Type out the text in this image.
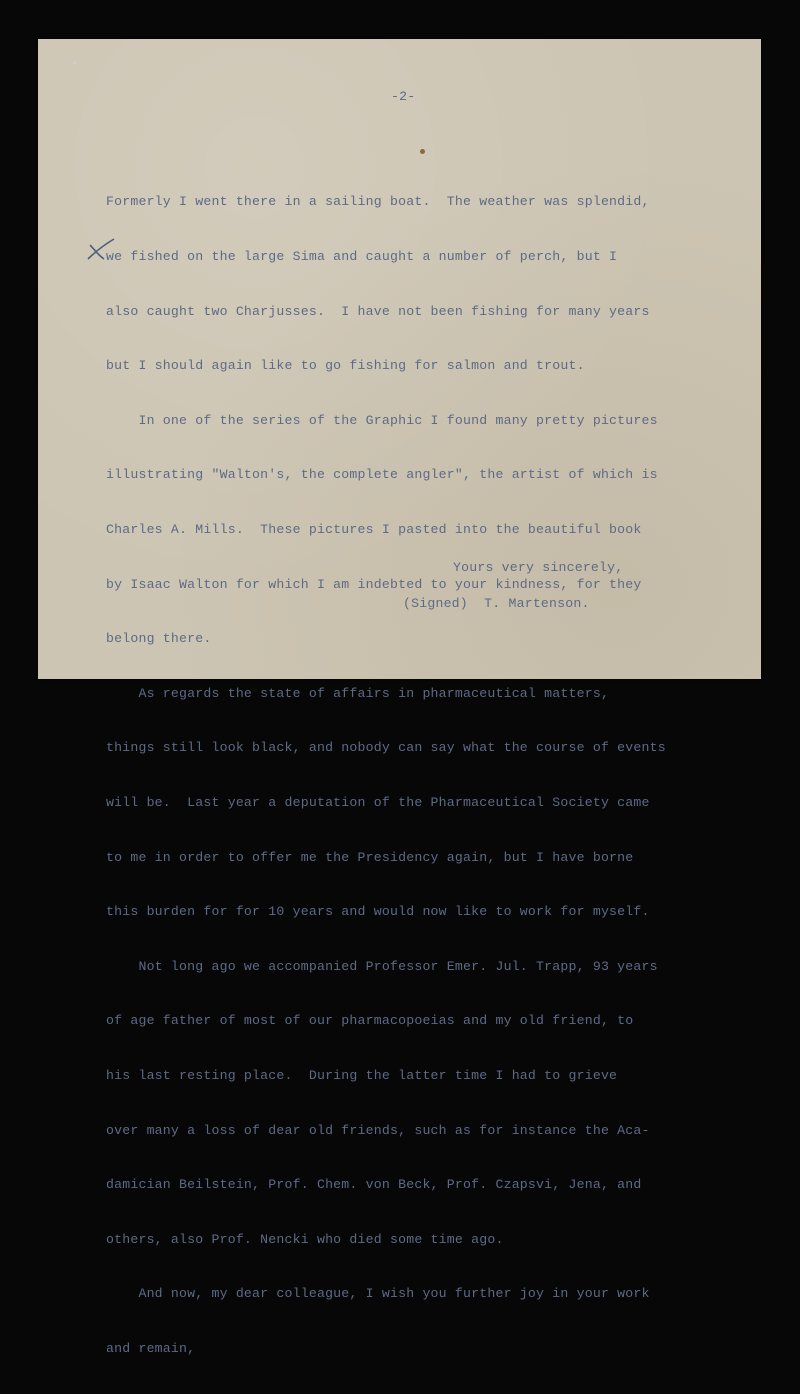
-2-

Formerly I went there in a sailing boat.  The weather was splendid,

we fished on the large Sima and caught a number of perch, but I

also caught two Charjusses.  I have not been fishing for many years

but I should again like to go fishing for salmon and trout.

In one of the series of the Graphic I found many pretty pictures

illustrating "Walton's, the complete angler", the artist of which is

Charles A. Mills.  These pictures I pasted into the beautiful book

by Isaac Walton for which I am indebted to your kindness, for they

belong there.

As regards the state of affairs in pharmaceutical matters,

things still look black, and nobody can say what the course of events

will be.  Last year a deputation of the Pharmaceutical Society came

to me in order to offer me the Presidency again, but I have borne

this burden for for 10 years and would now like to work for myself.

Not long ago we accompanied Professor Emer. Jul. Trapp, 93 years

of age father of most of our pharmacopoeias and my old friend, to

his last resting place.  During the latter time I had to grieve

over many a loss of dear old friends, such as for instance the Aca-

damician Beilstein, Prof. Chem. von Beck, Prof. Czapsvi, Jena, and

others, also Prof. Nencki who died some time ago.

And now, my dear colleague, I wish you further joy in your work

and remain,

Yours very sincerely,
(Signed)  T. Martenson.
